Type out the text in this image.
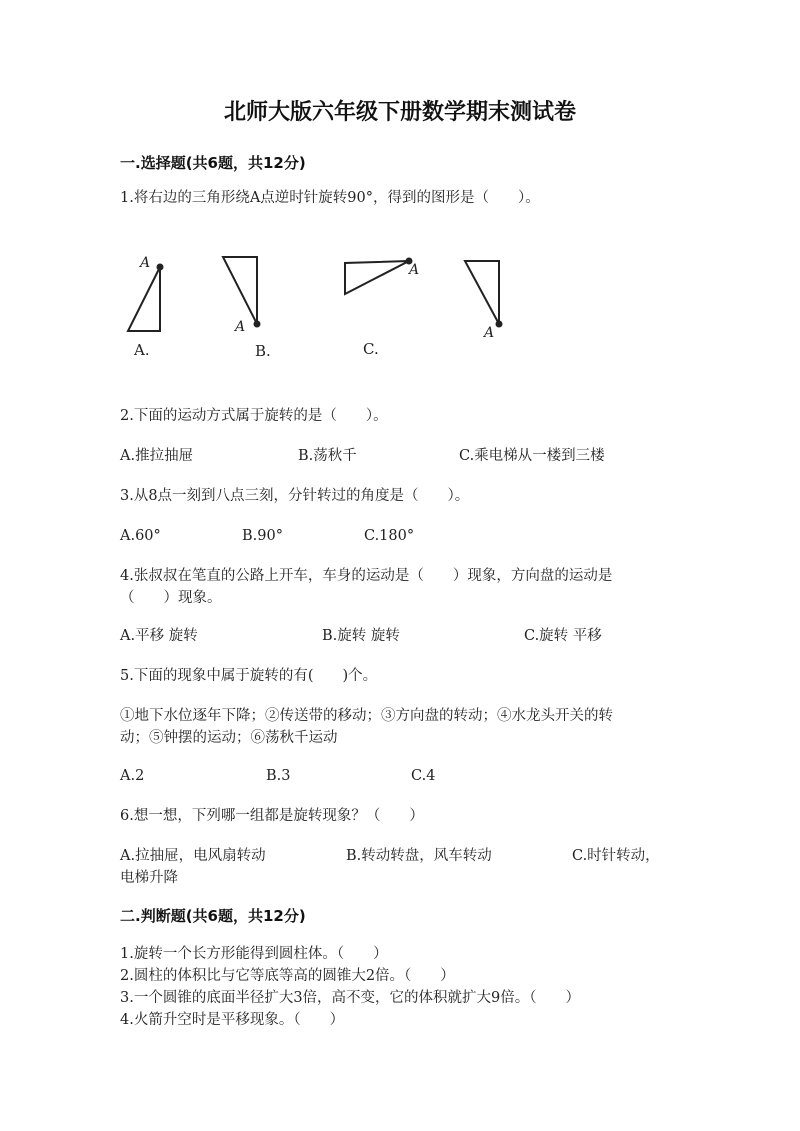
北师大版六年级下册数学期末测试卷
一.选择题(共6题，共12分)
1.将右边的三角形绕A点逆时针旋转90°，得到的图形是（　　）。
A
A.
A
B.
A
C.
A
2.下面的运动方式属于旋转的是（　　）。
A.推拉抽屉	B.荡秋千	C.乘电梯从一楼到三楼
3.从8点一刻到八点三刻，分针转过的角度是（　　）。
A.60°	B.90°	C.180°
4.张叔叔在笔直的公路上开车，车身的运动是（　　）现象，方向盘的运动是
（　　）现象。
A.平移 旋转	B.旋转 旋转	C.旋转 平移
5.下面的现象中属于旋转的有(　　)个。
①地下水位逐年下降；②传送带的移动；③方向盘的转动；④水龙头开关的转
动；⑤钟摆的运动；⑥荡秋千运动
A.2	B.3	C.4
6.想一想，下列哪一组都是旋转现象？（　　）
A.拉抽屉，电风扇转动	B.转动转盘，风车转动	C.时针转动，
电梯升降
二.判断题(共6题，共12分)
1.旋转一个长方形能得到圆柱体。（　　）
2.圆柱的体积比与它等底等高的圆锥大2倍。（　　）
3.一个圆锥的底面半径扩大3倍，高不变，它的体积就扩大9倍。（　　）
4.火箭升空时是平移现象。（　　）
